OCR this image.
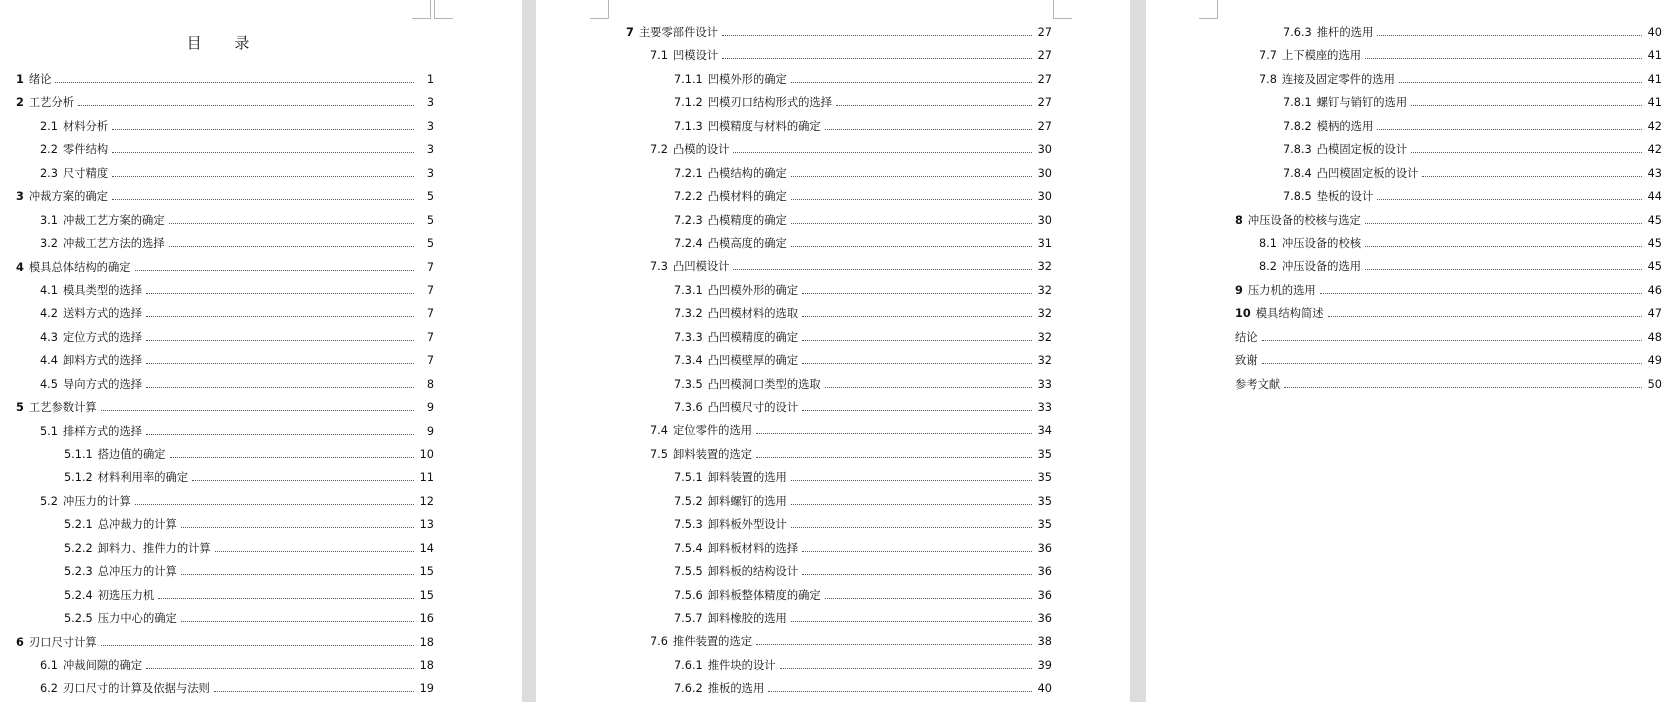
目 录
1 绪论	1
2 工艺分析	3
2.1 材料分析	3
2.2 零件结构	3
2.3 尺寸精度	3
3 冲裁方案的确定	5
3.1 冲裁工艺方案的确定	5
3.2 冲裁工艺方法的选择	5
4 模具总体结构的确定	7
4.1 模具类型的选择	7
4.2 送料方式的选择	7
4.3 定位方式的选择	7
4.4 卸料方式的选择	7
4.5 导向方式的选择	8
5 工艺参数计算	9
5.1 排样方式的选择	9
5.1.1 搭边值的确定	10
5.1.2 材料利用率的确定	11
5.2 冲压力的计算	12
5.2.1 总冲裁力的计算	13
5.2.2 卸料力、推件力的计算	14
5.2.3 总冲压力的计算	15
5.2.4 初选压力机	15
5.2.5 压力中心的确定	16
6 刃口尺寸计算	18
6.1 冲裁间隙的确定	18
6.2 刃口尺寸的计算及依据与法则	19
7 主要零部件设计	27
7.1 凹模设计	27
7.1.1 凹模外形的确定	27
7.1.2 凹模刃口结构形式的选择	27
7.1.3 凹模精度与材料的确定	27
7.2 凸模的设计	30
7.2.1 凸模结构的确定	30
7.2.2 凸模材料的确定	30
7.2.3 凸模精度的确定	30
7.2.4 凸模高度的确定	31
7.3 凸凹模设计	32
7.3.1 凸凹模外形的确定	32
7.3.2 凸凹模材料的选取	32
7.3.3 凸凹模精度的确定	32
7.3.4 凸凹模壁厚的确定	32
7.3.5 凸凹模洞口类型的选取	33
7.3.6 凸凹模尺寸的设计	33
7.4 定位零件的选用	34
7.5 卸料装置的选定	35
7.5.1 卸料装置的选用	35
7.5.2 卸料螺钉的选用	35
7.5.3 卸料板外型设计	35
7.5.4 卸料板材料的选择	36
7.5.5 卸料板的结构设计	36
7.5.6 卸料板整体精度的确定	36
7.5.7 卸料橡胶的选用	36
7.6 推件装置的选定	38
7.6.1 推件块的设计	39
7.6.2 推板的选用	40
7.6.3 推杆的选用	40
7.7 上下模座的选用	41
7.8 连接及固定零件的选用	41
7.8.1 螺钉与销钉的选用	41
7.8.2 模柄的选用	42
7.8.3 凸模固定板的设计	42
7.8.4 凸凹模固定板的设计	43
7.8.5 垫板的设计	44
8 冲压设备的校核与选定	45
8.1 冲压设备的校核	45
8.2 冲压设备的选用	45
9 压力机的选用	46
10 模具结构简述	47
结论	48
致谢	49
参考文献	50
